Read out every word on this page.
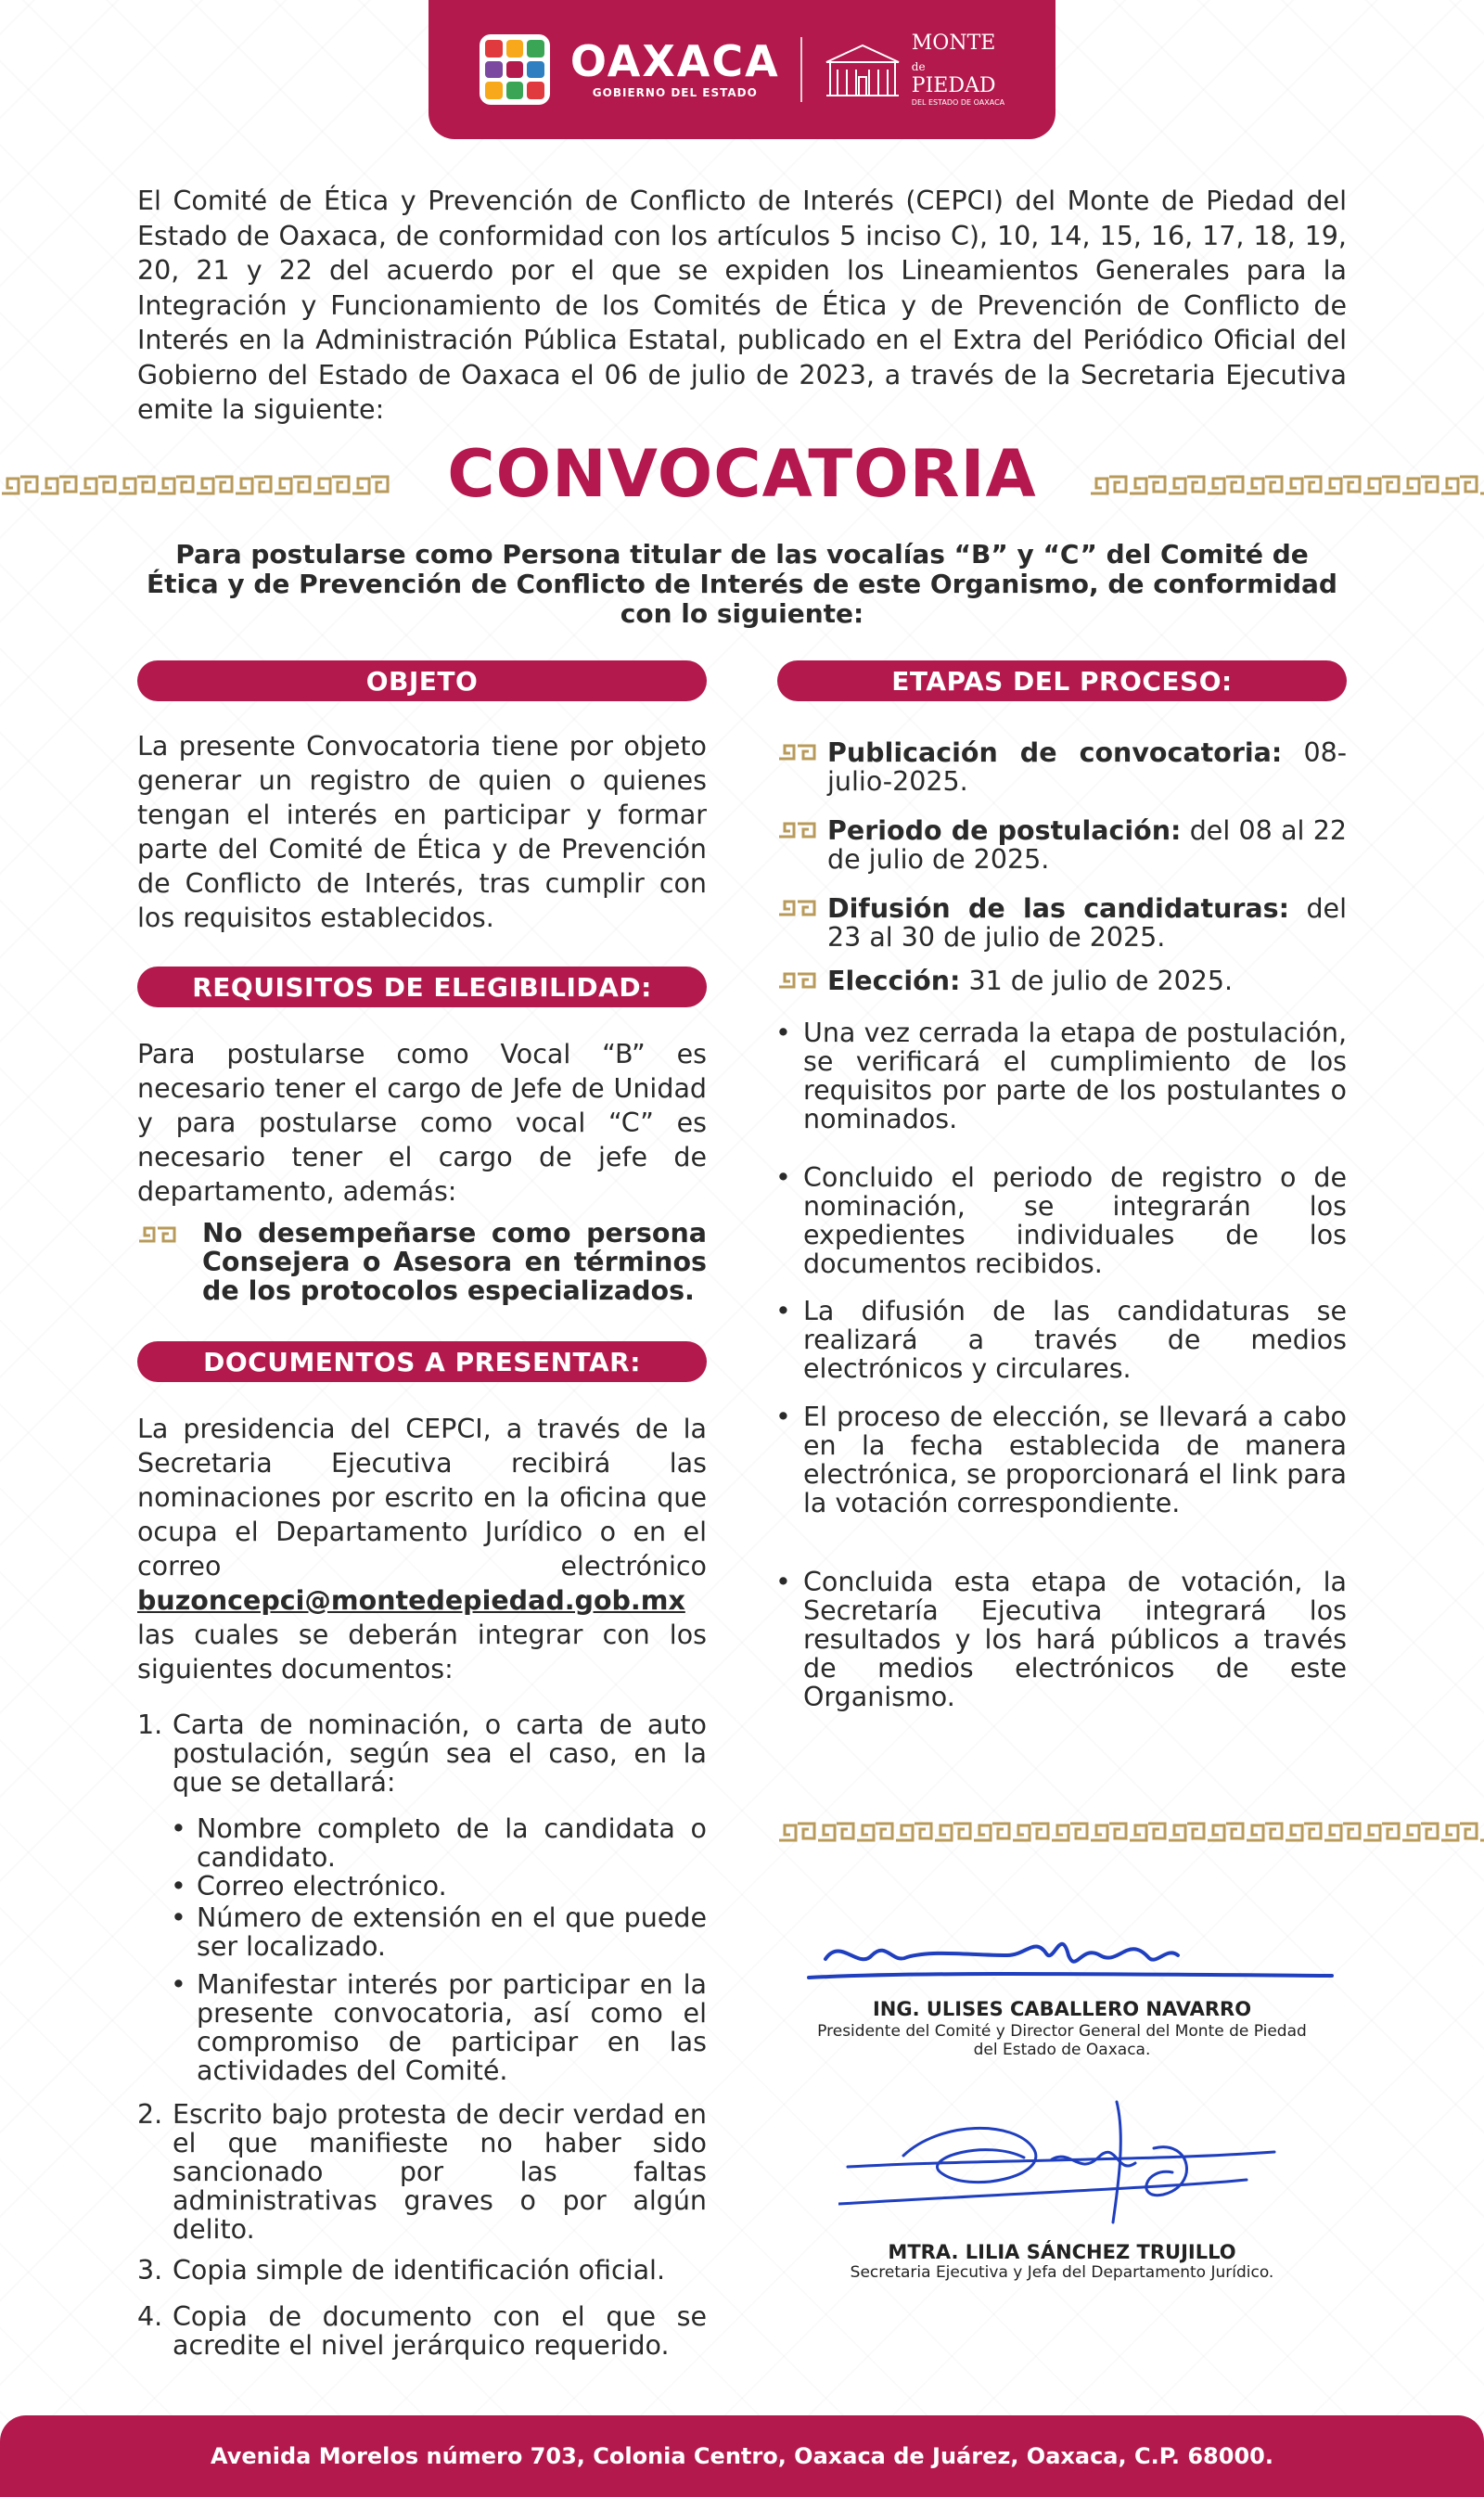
OAXACA
GOBIERNO DEL ESTADO
MONTE
de
PIEDAD
DEL ESTADO DE OAXACA
El Comité de Ética y Prevención de Conflicto de Interés (CEPCI) del Monte de Piedad del Estado de Oaxaca, de conformidad con los artículos 5 inciso C), 10, 14, 15, 16, 17, 18, 19, 20, 21 y 22 del acuerdo por el que se expiden los Lineamientos Generales para la Integración y Funcionamiento de los Comités de Ética y de Prevención de Conflicto de Interés en la Administración Pública Estatal, publicado en el Extra del Periódico Oficial del Gobierno del Estado de Oaxaca el 06 de julio de 2023, a través de la Secretaria Ejecutiva emite la siguiente:
CONVOCATORIA
Para postularse como Persona titular de las vocalías “B” y “C” del Comité de Ética y de Prevención de Conflicto de Interés de este Organismo, de conformidad con lo siguiente:
OBJETO
La presente Convocatoria tiene por objeto generar un registro de quien o quienes tengan el interés en participar y formar parte del Comité de Ética y de Prevención de Conflicto de Interés, tras cumplir con los requisitos establecidos.
REQUISITOS DE ELEGIBILIDAD:
Para postularse como Vocal “B” es necesario tener el cargo de Jefe de Unidad y para postularse como vocal “C” es necesario tener el cargo de jefe de departamento, además:
No desempeñarse como persona Consejera o Asesora en términos de los protocolos especializados.
DOCUMENTOS A PRESENTAR:
La presidencia del CEPCI, a través de la Secretaria Ejecutiva recibirá las nominaciones por escrito en la oficina que ocupa el Departamento Jurídico o en el correo electrónico buzoncepci@montedepiedad.gob.mx las cuales se deberán integrar con los siguientes documentos:
1. Carta de nominación, o carta de auto postulación, según sea el caso, en la que se detallará:
• Nombre completo de la candidata o candidato.
• Correo electrónico.
• Número de extensión en el que puede ser localizado.
• Manifestar interés por participar en la presente convocatoria, así como el compromiso de participar en las actividades del Comité.
2. Escrito bajo protesta de decir verdad en el que manifieste no haber sido sancionado por las faltas administrativas graves o por algún delito.
3. Copia simple de identificación oficial.
4. Copia de documento con el que se acredite el nivel jerárquico requerido.
ETAPAS DEL PROCESO:
Publicación de convocatoria: 08-julio-2025.
Periodo de postulación: del 08 al 22 de julio de 2025.
Difusión de las candidaturas: del 23 al 30 de julio de 2025.
Elección: 31 de julio de 2025.
• Una vez cerrada la etapa de postulación, se verificará el cumplimiento de los requisitos por parte de los postulantes o nominados.
• Concluido el periodo de registro o de nominación, se integrarán los expedientes individuales de los documentos recibidos.
• La difusión de las candidaturas se realizará a través de medios electrónicos y circulares.
• El proceso de elección, se llevará a cabo en la fecha establecida de manera electrónica, se proporcionará el link para la votación correspondiente.
• Concluida esta etapa de votación, la Secretaría Ejecutiva integrará los resultados y los hará públicos a través de medios electrónicos de este Organismo.
ING. ULISES CABALLERO NAVARRO
Presidente del Comité y Director General del Monte de Piedad del Estado de Oaxaca.
MTRA. LILIA SÁNCHEZ TRUJILLO
Secretaria Ejecutiva y Jefa del Departamento Jurídico.
Avenida Morelos número 703, Colonia Centro, Oaxaca de Juárez, Oaxaca, C.P. 68000.
